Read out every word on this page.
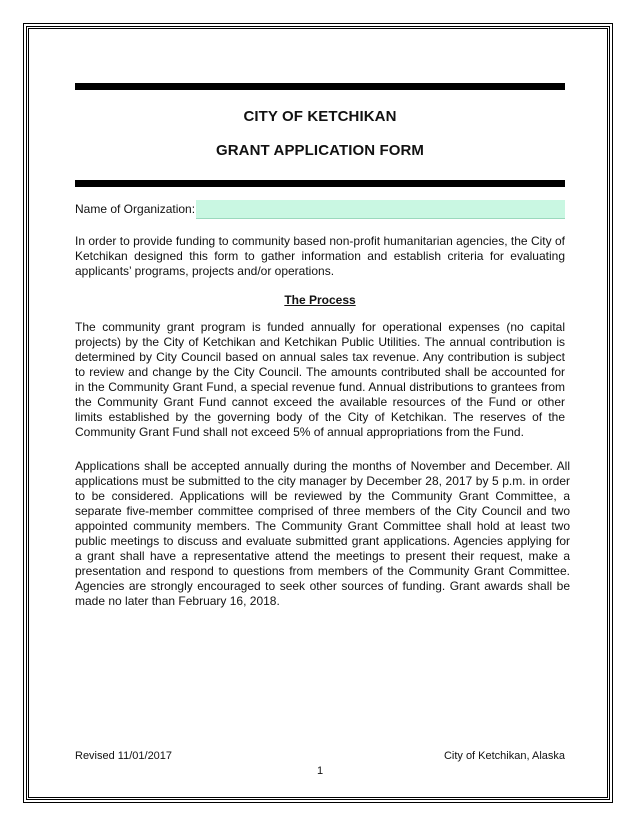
CITY OF KETCHIKAN
GRANT APPLICATION FORM
Name of Organization:

In order to provide funding to community based non-profit humanitarian agencies, the City of Ketchikan designed this form to gather information and establish criteria for evaluating applicants’ programs, projects and/or operations.

The Process

The community grant program is funded annually for operational expenses (no capital projects) by the City of Ketchikan and Ketchikan Public Utilities. The annual contribution is determined by City Council based on annual sales tax revenue. Any contribution is subject to review and change by the City Council. The amounts contributed shall be accounted for in the Community Grant Fund, a special revenue fund. Annual distributions to grantees from the Community Grant Fund cannot exceed the available resources of the Fund or other limits established by the governing body of the City of Ketchikan. The reserves of the Community Grant Fund shall not exceed 5% of annual appropriations from the Fund.

Applications shall be accepted annually during the months of November and December. All applications must be submitted to the city manager by December 28, 2017 by 5 p.m. in order to be considered. Applications will be reviewed by the Community Grant Committee, a separate five-member committee comprised of three members of the City Council and two appointed community members. The Community Grant Committee shall hold at least two public meetings to discuss and evaluate submitted grant applications. Agencies applying for a grant shall have a representative attend the meetings to present their request, make a presentation and respond to questions from members of the Community Grant Committee. Agencies are strongly encouraged to seek other sources of funding. Grant awards shall be made no later than February 16, 2018.

Revised 11/01/2017	City of Ketchikan, Alaska
1
